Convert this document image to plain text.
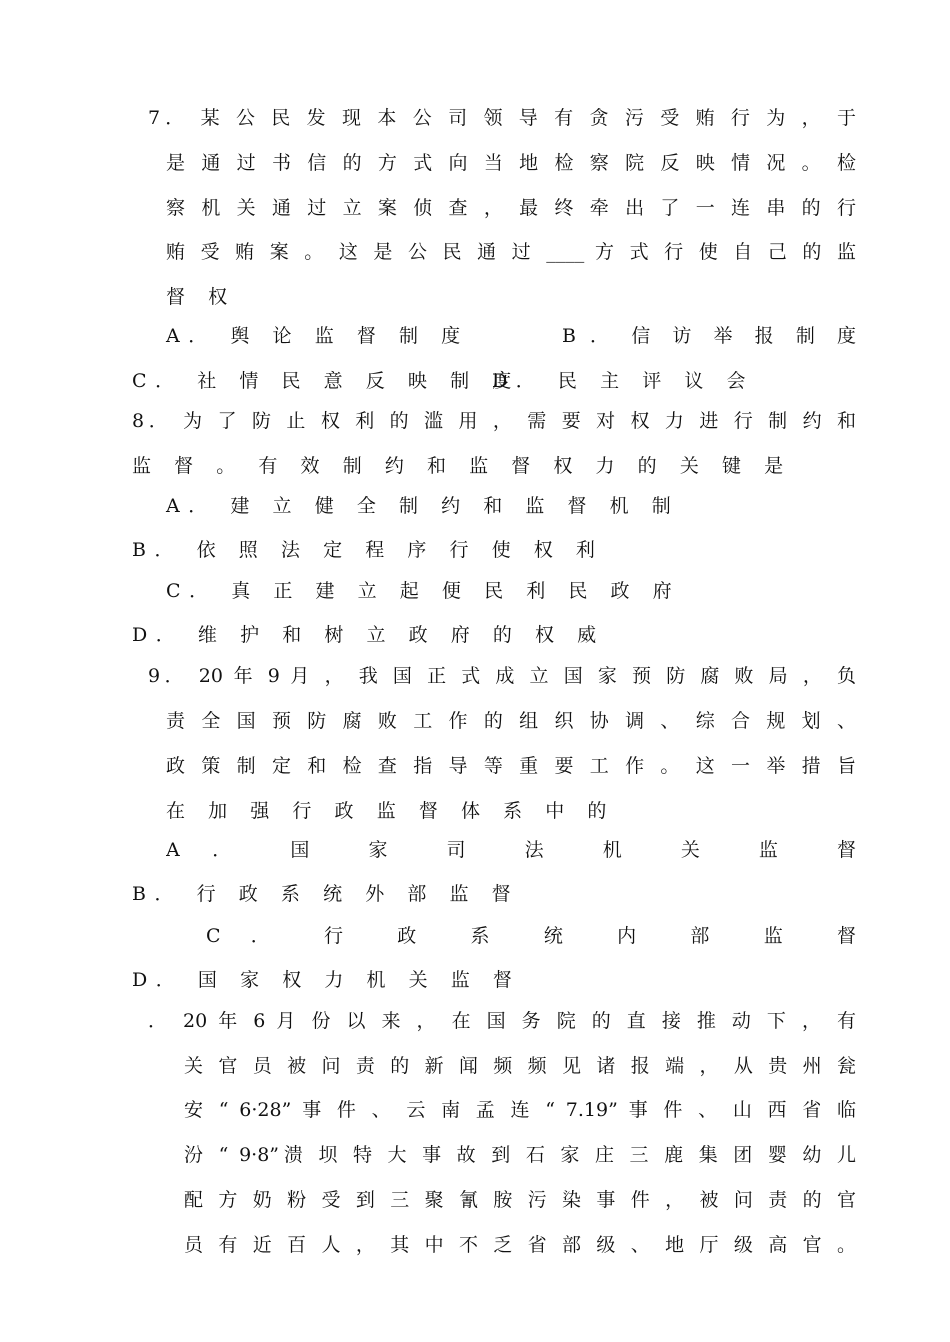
7． 某 公 民 发 现 本 公 司 领 导 有 贪 污 受 贿 行 为 ， 于
是 通 过 书 信 的 方 式 向 当 地 检 察 院 反 映 情 况 。 检
察 机 关 通 过 立 案 侦 查 ， 最 终 牵 出 了 一 连 串 的 行
贿 受 贿 案 。 这 是 公 民 通 过 ____ 方 式 行 使 自 己 的 监
督 权
A． 舆 论 监 督 制 度	B ． 信 访 举 报 制 度
C． 社 情 民 意 反 映 制 度
D． 民 主 评 议 会
8． 为 了 防 止 权 利 的 滥 用 ， 需 要 对 权 力 进 行 制 约 和
监 督 。 有 效 制 约 和 监 督 权 力 的 关 键 是
A． 建 立 健 全 制 约 和 监 督 机 制
B． 依 照 法 定 程 序 行 使 权 利
C． 真 正 建 立 起 便 民 利 民 政 府
D． 维 护 和 树 立 政 府 的 权 威
9． 20 年 9 月 ， 我 国 正 式 成 立 国 家 预 防 腐 败 局 ， 负
责 全 国 预 防 腐 败 工 作 的 组 织 协 调 、 综 合 规 划 、
政 策 制 定 和 检 查 指 导 等 重 要 工 作 。 这 一 举 措 旨
在 加 强 行 政 监 督 体 系 中 的
A ． 国 家 司 法 机 关 监 督
B． 行 政 系 统 外 部 监 督
C ． 行 政 系 统 内 部 监 督
D． 国 家 权 力 机 关 监 督
． 20 年 6 月 份 以 来 ， 在 国 务 院 的 直 接 推 动 下 ， 有
关 官 员 被 问 责 的 新 闻 频 频 见 诸 报 端 ， 从 贵 州 瓮
安 “ 6·28” 事 件 、 云 南 孟 连 “ 7.19” 事 件 、 山 西 省 临
汾 “ 9·8”溃 坝 特 大 事 故 到 石 家 庄 三 鹿 集 团 婴 幼 儿
配 方 奶 粉 受 到 三 聚 氰 胺 污 染 事 件 ， 被 问 责 的 官
员 有 近 百 人 ， 其 中 不 乏 省 部 级 、 地 厅 级 高 官 。
